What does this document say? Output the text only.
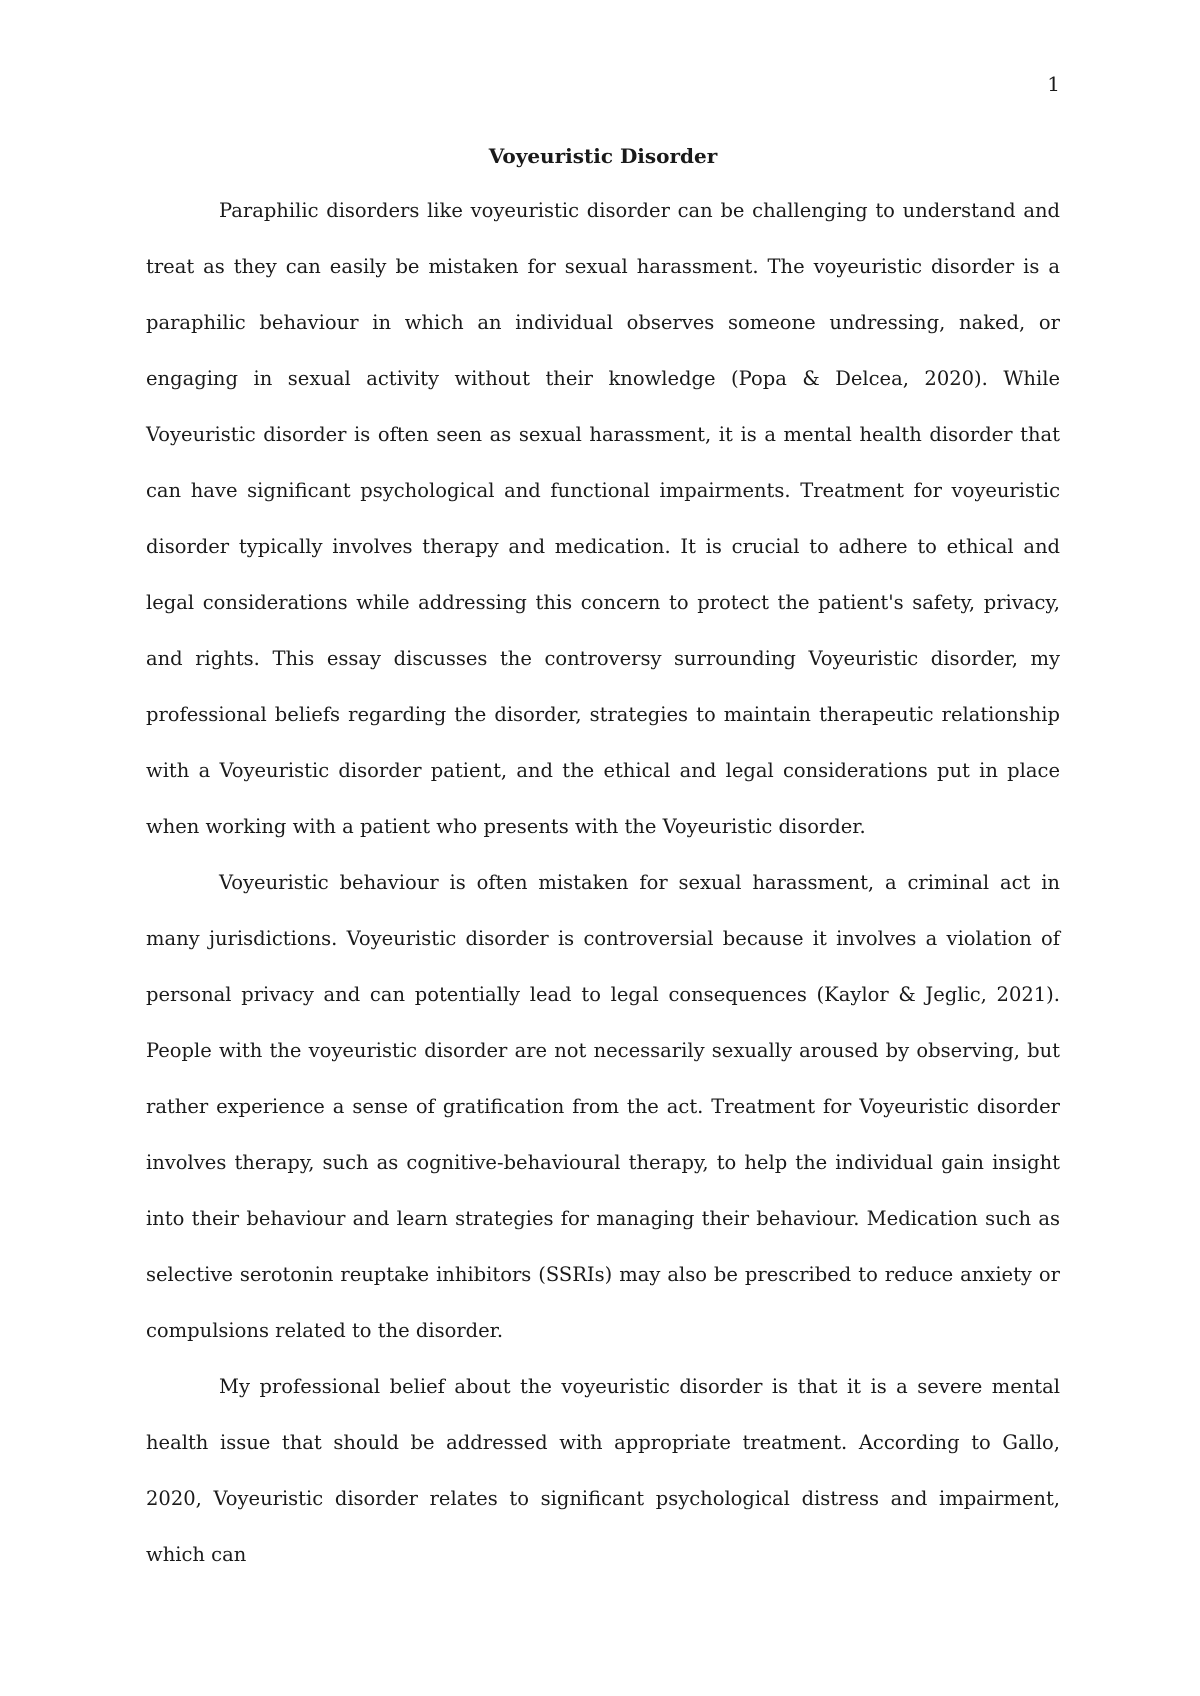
1
Voyeuristic Disorder

Paraphilic disorders like voyeuristic disorder can be challenging to understand and treat as they can easily be mistaken for sexual harassment. The voyeuristic disorder is a paraphilic behaviour in which an individual observes someone undressing, naked, or engaging in sexual activity without their knowledge (Popa & Delcea, 2020). While Voyeuristic disorder is often seen as sexual harassment, it is a mental health disorder that can have significant psychological and functional impairments. Treatment for voyeuristic disorder typically involves therapy and medication. It is crucial to adhere to ethical and legal considerations while addressing this concern to protect the patient's safety, privacy, and rights. This essay discusses the controversy surrounding Voyeuristic disorder, my professional beliefs regarding the disorder, strategies to maintain therapeutic relationship with a Voyeuristic disorder patient, and the ethical and legal considerations put in place when working with a patient who presents with the Voyeuristic disorder.

Voyeuristic behaviour is often mistaken for sexual harassment, a criminal act in many jurisdictions. Voyeuristic disorder is controversial because it involves a violation of personal privacy and can potentially lead to legal consequences (Kaylor & Jeglic, 2021). People with the voyeuristic disorder are not necessarily sexually aroused by observing, but rather experience a sense of gratification from the act. Treatment for Voyeuristic disorder involves therapy, such as cognitive-behavioural therapy, to help the individual gain insight into their behaviour and learn strategies for managing their behaviour. Medication such as selective serotonin reuptake inhibitors (SSRIs) may also be prescribed to reduce anxiety or compulsions related to the disorder.

My professional belief about the voyeuristic disorder is that it is a severe mental health issue that should be addressed with appropriate treatment. According to Gallo, 2020, Voyeuristic disorder relates to significant psychological distress and impairment, which can
